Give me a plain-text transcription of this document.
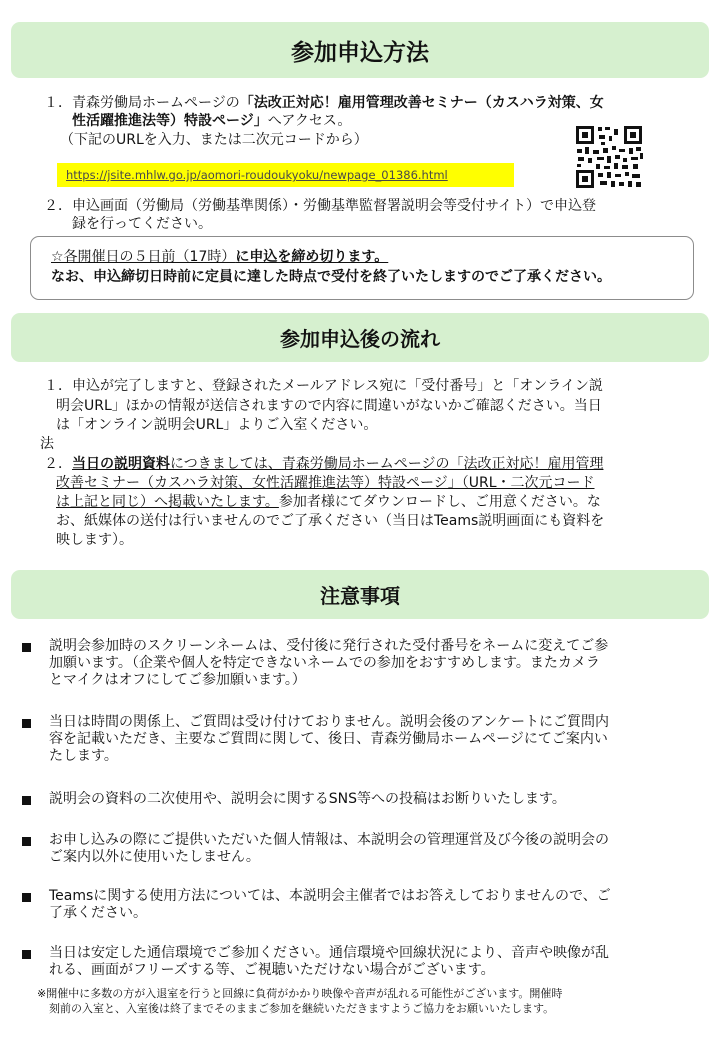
参加申込方法
１． 青森労働局ホームページの「法改正対応！雇用管理改善セミナー（カスハラ対策、女
性活躍推進法等）特設ページ」へアクセス。
（下記のURLを入力、または二次元コードから）
https://jsite.mhlw.go.jp/aomori-roudoukyoku/newpage_01386.html
２． 申込画面（労働局（労働基準関係）・労働基準監督署説明会等受付サイト）で申込登
録を行ってください。
☆各開催日の５日前（17時）に申込を締め切ります。
なお、申込締切日時前に定員に達した時点で受付を終了いたしますのでご了承ください。
参加申込後の流れ
１． 申込が完了しますと、登録されたメールアドレス宛に「受付番号」と「オンライン説
明会URL」ほかの情報が送信されますので内容に間違いがないかご確認ください。当日
は「オンライン説明会URL」よりご入室ください。
法
２． 当日の説明資料につきましては、青森労働局ホームページの「法改正対応！雇用管理
改善セミナー（カスハラ対策、女性活躍推進法等）特設ページ」（URL・二次元コード
は上記と同じ）へ掲載いたします。参加者様にてダウンロードし、ご用意ください。な
お、紙媒体の送付は行いませんのでご了承ください（当日はTeams説明画面にも資料を
映します）。
注意事項
説明会参加時のスクリーンネームは、受付後に発行された受付番号をネームに変えてご参
加願います。（企業や個人を特定できないネームでの参加をおすすめします。またカメラ
とマイクはオフにしてご参加願います。）
当日は時間の関係上、ご質問は受け付けておりません。説明会後のアンケートにご質問内
容を記載いただき、主要なご質問に関して、後日、青森労働局ホームページにてご案内い
たします。
説明会の資料の二次使用や、説明会に関するSNS等への投稿はお断りいたします。
お申し込みの際にご提供いただいた個人情報は、本説明会の管理運営及び今後の説明会の
ご案内以外に使用いたしません。
Teamsに関する使用方法については、本説明会主催者ではお答えしておりませんので、ご
了承ください。
当日は安定した通信環境でご参加ください。通信環境や回線状況により、音声や映像が乱
れる、画面がフリーズする等、ご視聴いただけない場合がございます。
※開催中に多数の方が入退室を行うと回線に負荷がかかり映像や音声が乱れる可能性がございます。開催時
刻前の入室と、入室後は終了までそのままご参加を継続いただきますようご協力をお願いいたします。
